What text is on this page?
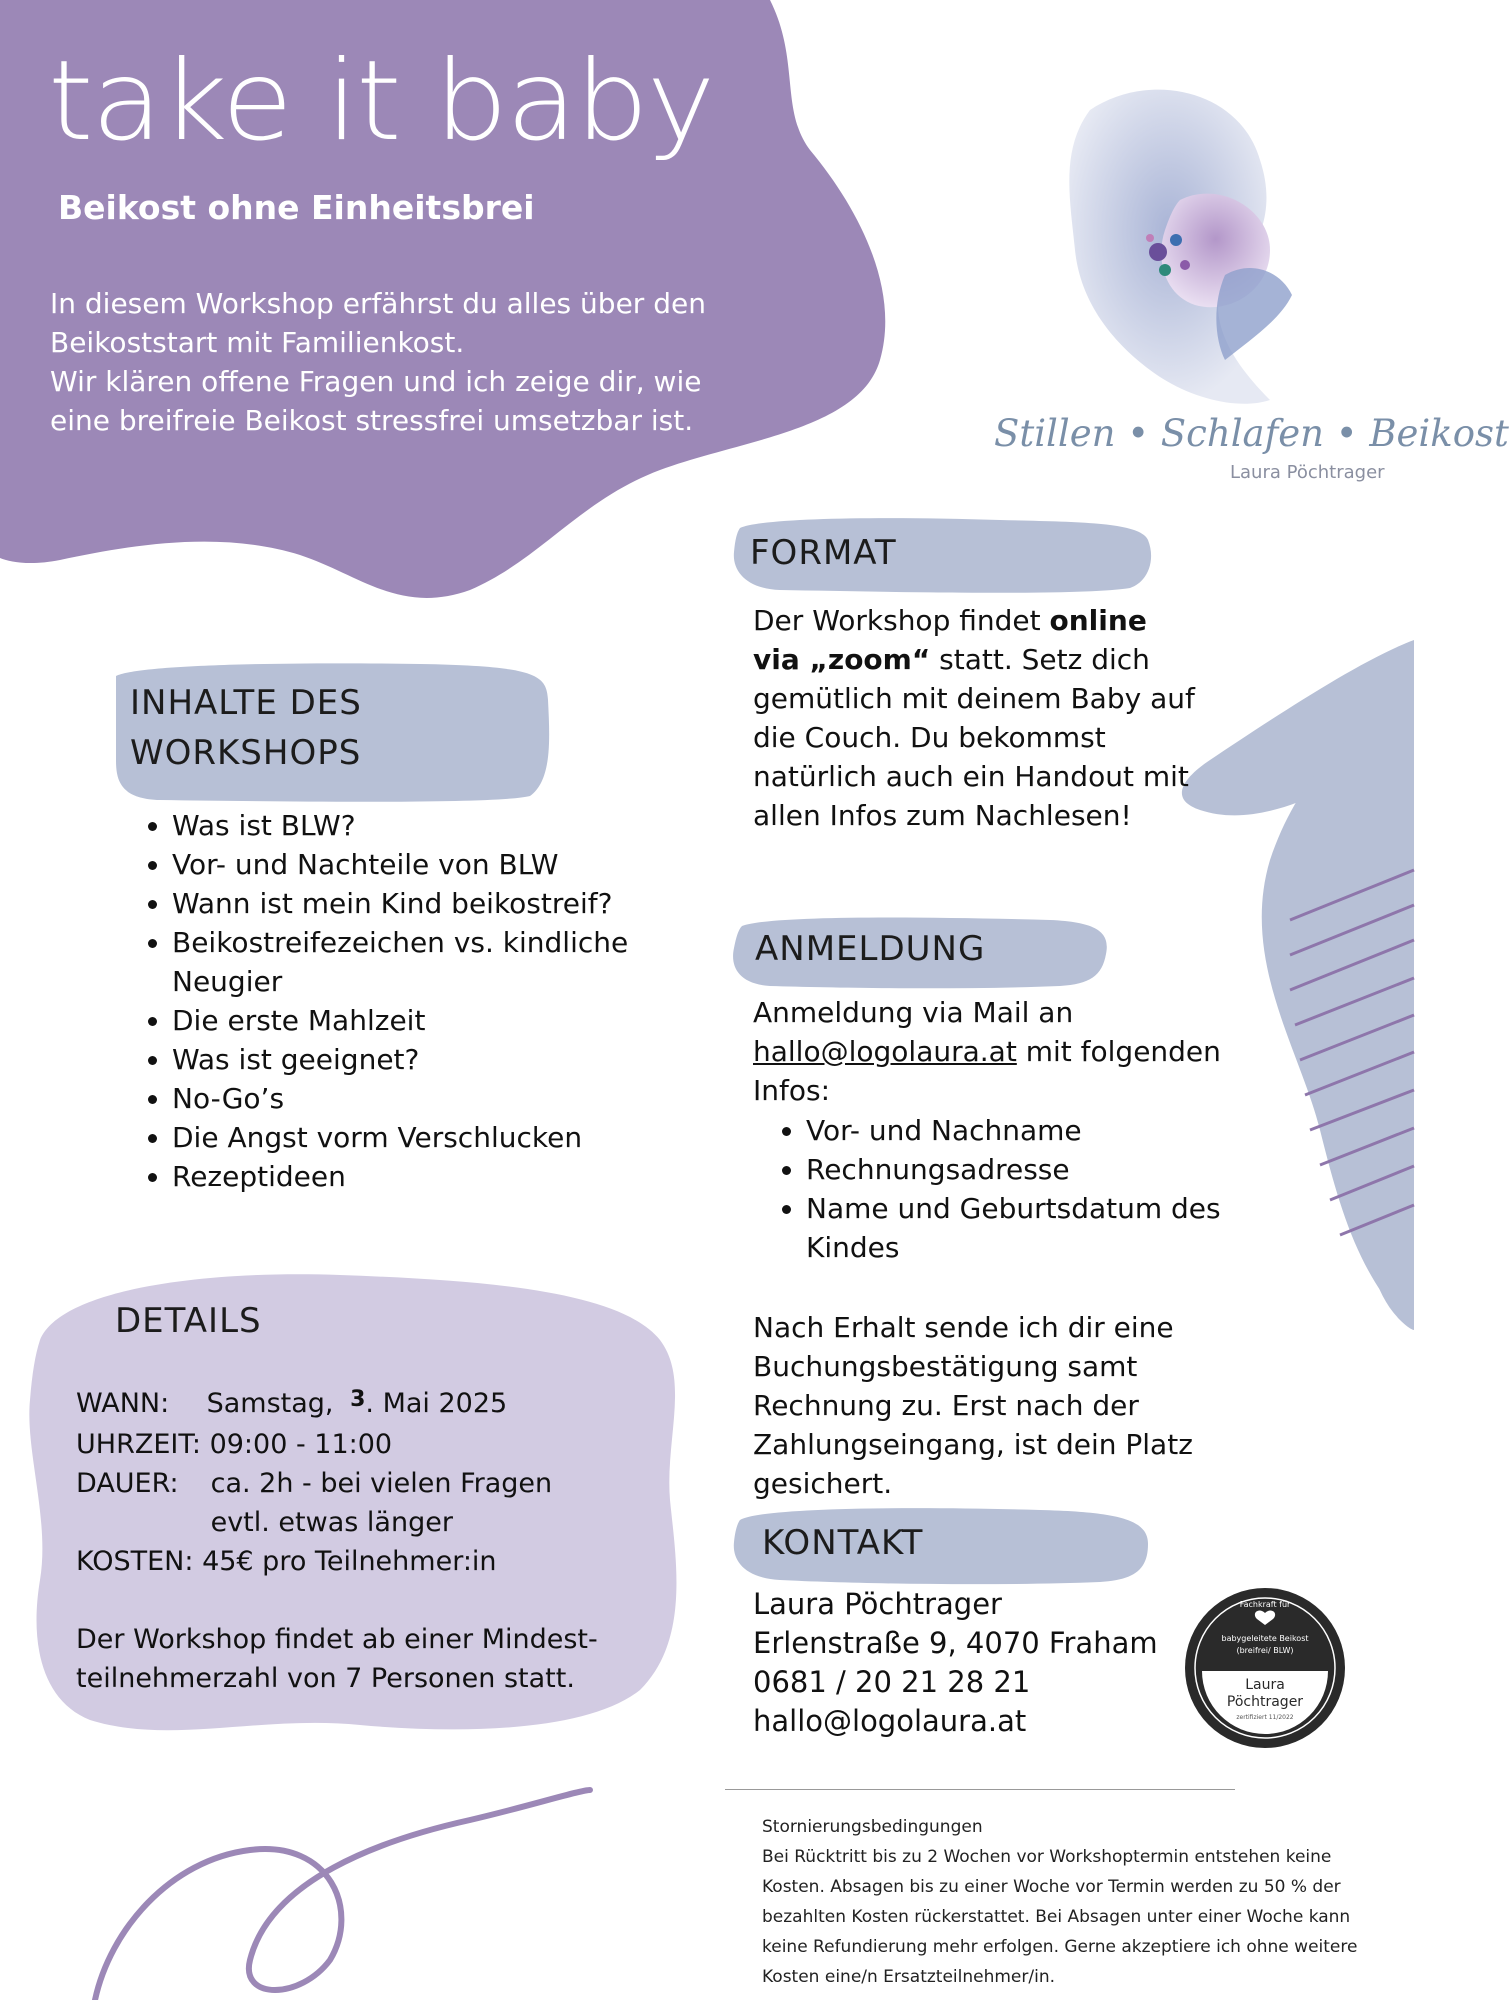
take it baby
Beikost ohne Einheitsbrei
In diesem Workshop erfährst du alles über den
Beikoststart mit Familienkost.
Wir klären offene Fragen und ich zeige dir, wie
eine breifreie Beikost stressfrei umsetzbar ist.	Stillen • Schlafen • Beikost
Laura Pöchtrager
INHALTE DES
WORKSHOPS
• Was ist BLW?
• Vor- und Nachteile von BLW
• Wann ist mein Kind beikostreif?
• Beikostreifezeichen vs. kindliche Neugier
• Die erste Mahlzeit
• Was ist geeignet?
• No-Go’s
• Die Angst vorm Verschlucken
• Rezeptideen
DETAILS
WANN: Samstag, $^3$. Mai 2025
UHRZEIT: 09:00 - 11:00
DAUER: ca. 2h - bei vielen Fragen
evtl. etwas länger
KOSTEN: 45€ pro Teilnehmer:in
Der Workshop findet ab einer Mindest-
teilnehmerzahl von 7 Personen statt.
FORMAT
Der Workshop findet online via „zoom“ statt. Setz dich gemütlich mit deinem Baby auf die Couch. Du bekommst natürlich auch ein Handout mit allen Infos zum Nachlesen!
ANMELDUNG
Anmeldung via Mail an
hallo@logolaura.at mit folgenden Infos:
• Vor- und Nachname
• Rechnungsadresse
• Name und Geburtsdatum des Kindes
Nach Erhalt sende ich dir eine Buchungsbestätigung samt Rechnung zu. Erst nach der Zahlungseingang, ist dein Platz gesichert.
KONTAKT
Laura Pöchtrager
Erlenstraße 9, 4070 Fraham
0681 / 20 21 28 21
hallo@logolaura.at
Fachkraft für
babygeleitete Beikost
(breifrei/ BLW)
Laura
Pöchtrager
zertifiziert 11/2022
Stornierungsbedingungen
Bei Rücktritt bis zu 2 Wochen vor Workshoptermin entstehen keine Kosten. Absagen bis zu einer Woche vor Termin werden zu 50 % der bezahlten Kosten rückerstattet. Bei Absagen unter einer Woche kann keine Refundierung mehr erfolgen. Gerne akzeptiere ich ohne weitere Kosten eine/n Ersatzteilnehmer/in.
